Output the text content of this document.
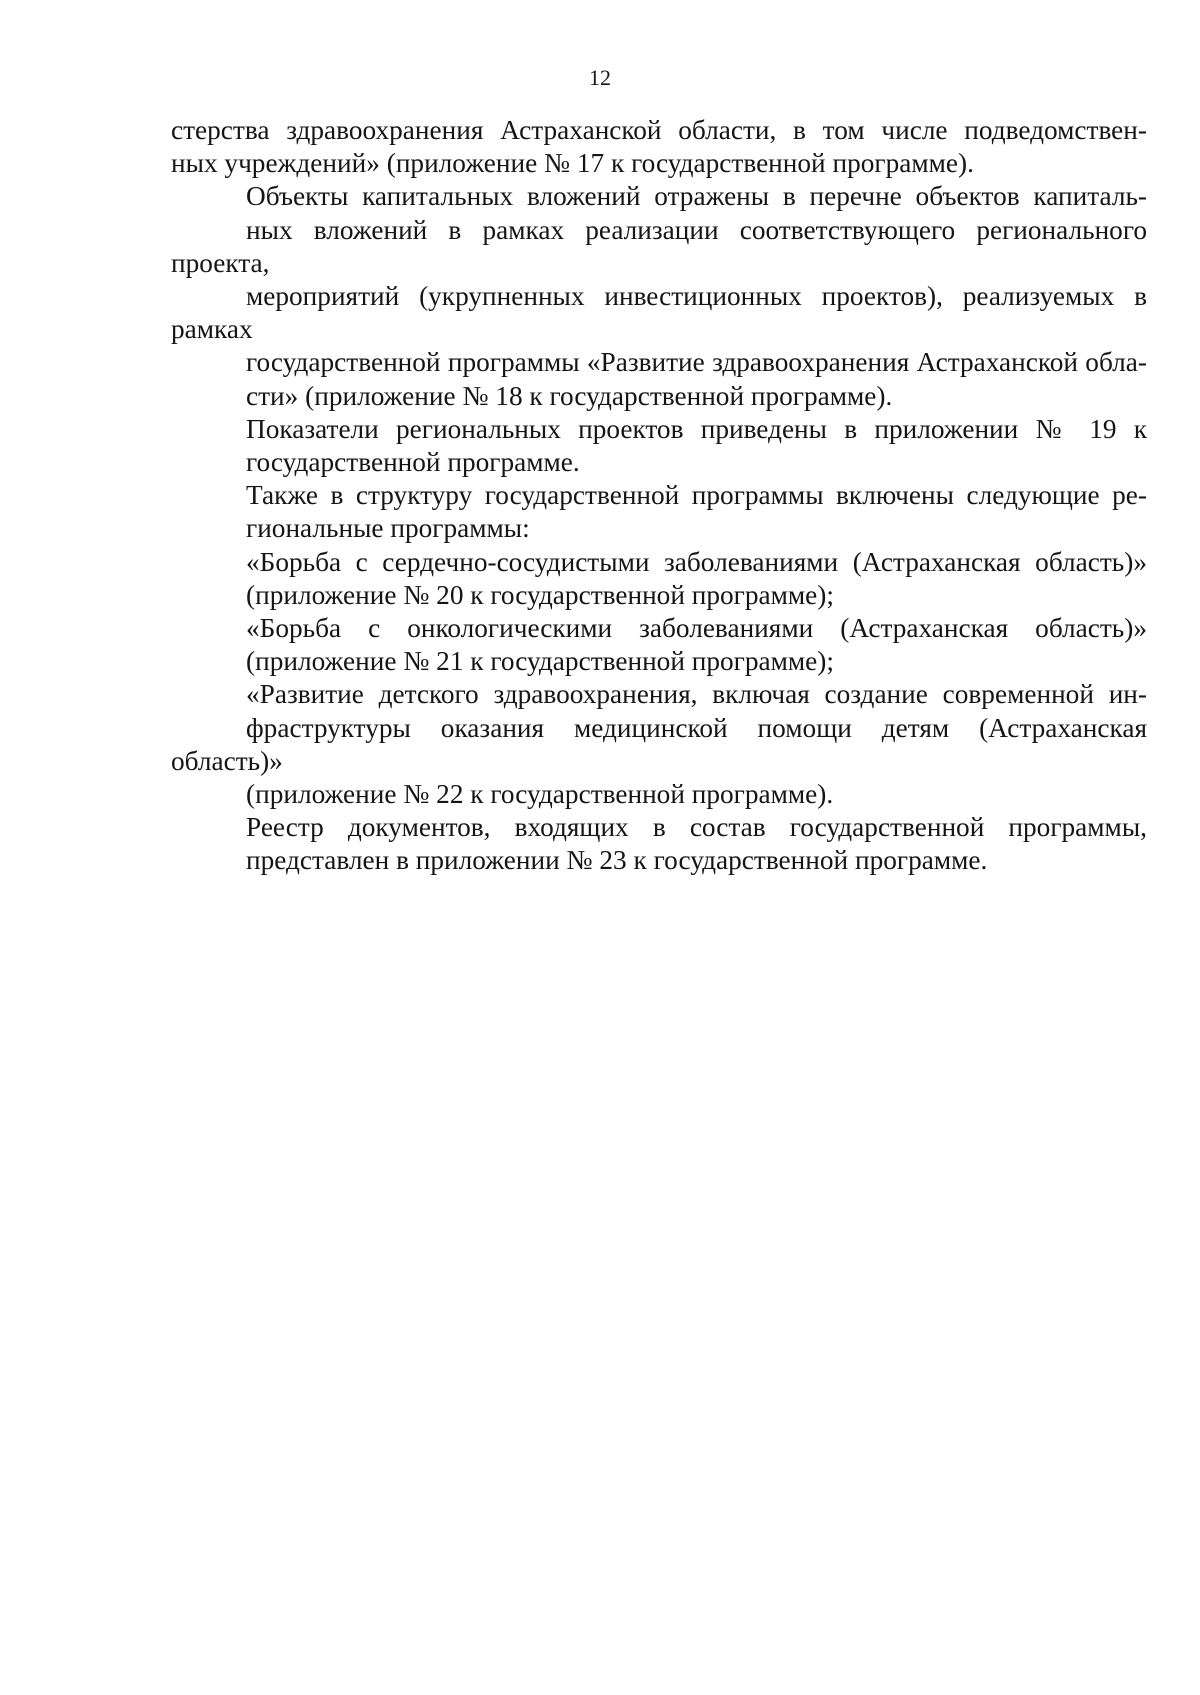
12

стерства здравоохранения Астраханской области, в том числе подведомствен-
ных учреждений» (приложение № 17 к государственной программе).

Объекты капитальных вложений отражены в перечне объектов капиталь-
ных вложений в рамках реализации соответствующего регионального проекта,
мероприятий (укрупненных инвестиционных проектов), реализуемых в рамках
государственной программы «Развитие здравоохранения Астраханской обла-
сти» (приложение № 18 к государственной программе).

Показатели региональных проектов приведены в приложении № 19 к
государственной программе.

Также в структуру государственной программы включены следующие ре-
гиональные программы:

«Борьба с сердечно-сосудистыми заболеваниями (Астраханская область)»
(приложение № 20 к государственной программе);

«Борьба с онкологическими заболеваниями (Астраханская область)»
(приложение № 21 к государственной программе);

«Развитие детского здравоохранения, включая создание современной ин-
фраструктуры оказания медицинской помощи детям (Астраханская область)»
(приложение № 22 к государственной программе).

Реестр документов, входящих в состав государственной программы,
представлен в приложении № 23 к государственной программе.
